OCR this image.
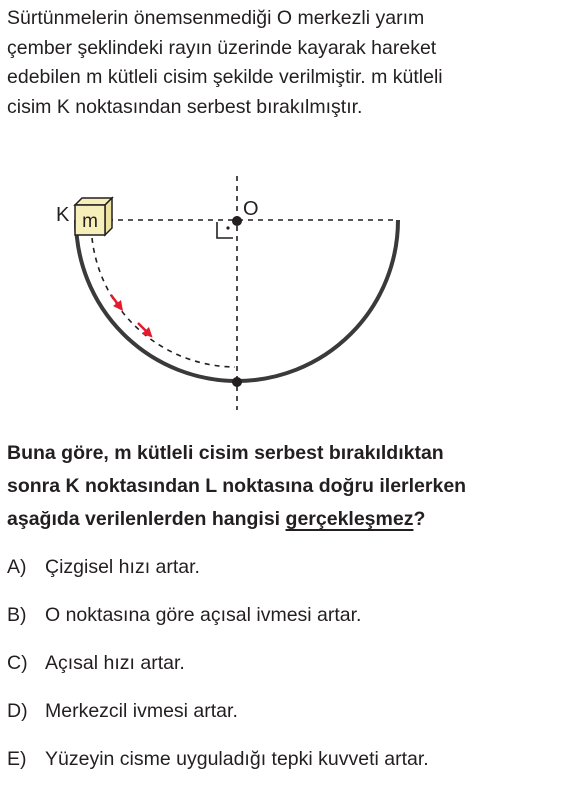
Sürtünmelerin önemsenmediği O merkezli yarım
çember şeklindeki rayın üzerinde kayarak hareket
edebilen m kütleli cisim şekilde verilmiştir. m kütleli
cisim K noktasından serbest bırakılmıştır.
m
K	O
Buna göre, m kütleli cisim serbest bırakıldıktan
sonra K noktasından L noktasına doğru ilerlerken
aşağıda verilenlerden hangisi gerçekleşmez?
A) Çizgisel hızı artar.
B) O noktasına göre açısal ivmesi artar.
C) Açısal hızı artar.
D) Merkezcil ivmesi artar.
E) Yüzeyin cisme uyguladığı tepki kuvveti artar.
